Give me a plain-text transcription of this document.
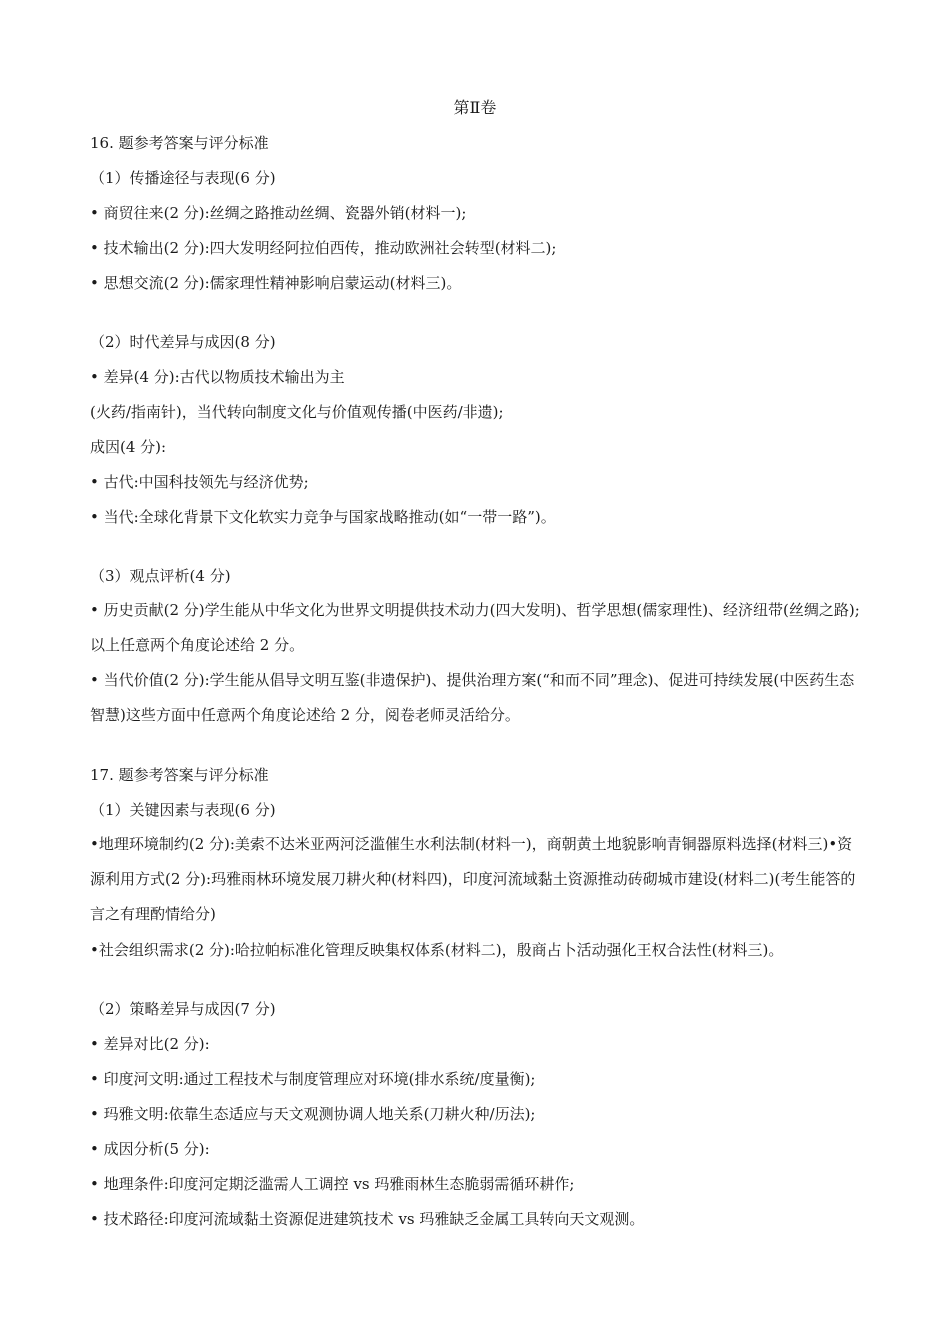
第Ⅱ卷
16. 题参考答案与评分标准
（1）传播途径与表现(6 分)
• 商贸往来(2 分):丝绸之路推动丝绸、瓷器外销(材料一);
• 技术输出(2 分):四大发明经阿拉伯西传，推动欧洲社会转型(材料二);
• 思想交流(2 分):儒家理性精神影响启蒙运动(材料三)。
（2）时代差异与成因(8 分)
• 差异(4 分):古代以物质技术输出为主
(火药/指南针)，当代转向制度文化与价值观传播(中医药/非遗);
成因(4 分):
• 古代:中国科技领先与经济优势;
• 当代:全球化背景下文化软实力竞争与国家战略推动(如“一带一路”)。
（3）观点评析(4 分)
• 历史贡献(2 分)学生能从中华文化为世界文明提供技术动力(四大发明)、哲学思想(儒家理性)、经济纽带(丝绸之路);以上任意两个角度论述给 2 分。
• 当代价值(2 分):学生能从倡导文明互鉴(非遗保护)、提供治理方案(“和而不同”理念)、促进可持续发展(中医药生态智慧)这些方面中任意两个角度论述给 2 分，阅卷老师灵活给分。
17. 题参考答案与评分标准
（1）关键因素与表现(6 分)
•地理环境制约(2 分):美索不达米亚两河泛滥催生水利法制(材料一)，商朝黄土地貌影响青铜器原料选择(材料三)•资源利用方式(2 分):玛雅雨林环境发展刀耕火种(材料四)，印度河流域黏土资源推动砖砌城市建设(材料二)(考生能答的言之有理酌情给分)
•社会组织需求(2 分):哈拉帕标准化管理反映集权体系(材料二)，殷商占卜活动强化王权合法性(材料三)。
（2）策略差异与成因(7 分)
• 差异对比(2 分):
• 印度河文明:通过工程技术与制度管理应对环境(排水系统/度量衡);
• 玛雅文明:依靠生态适应与天文观测协调人地关系(刀耕火种/历法);
• 成因分析(5 分):
• 地理条件:印度河定期泛滥需人工调控 vs 玛雅雨林生态脆弱需循环耕作;
• 技术路径:印度河流域黏土资源促进建筑技术 vs 玛雅缺乏金属工具转向天文观测。
